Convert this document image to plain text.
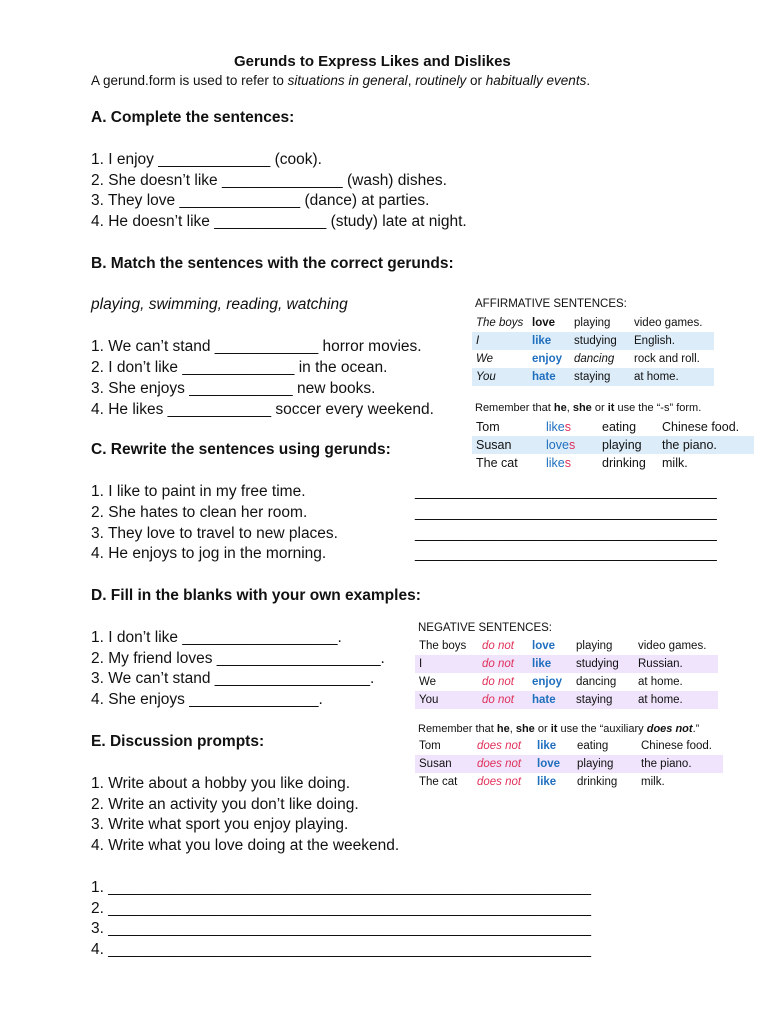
Gerunds to Express Likes and Dislikes
A gerund.form is used to refer to situations in general, routinely or habitually events.
A. Complete the sentences:
1. I enjoy _____________ (cook).
2. She doesn’t like ______________ (wash) dishes.
3. They love ______________ (dance) at parties.
4. He doesn’t like _____________ (study) late at night.
B. Match the sentences with the correct gerunds:
playing, swimming, reading, watching
1. We can’t stand ____________ horror movies.
2. I don’t like _____________ in the ocean.
3. She enjoys ____________ new books.
4. He likes ____________ soccer every weekend.
C. Rewrite the sentences using gerunds:
1. I like to paint in my free time.
2. She hates to clean her room.
3. They love to travel to new places.
4. He enjoys to jog in the morning.
___________________________________
___________________________________
___________________________________
___________________________________
D. Fill in the blanks with your own examples:
1. I don’t like __________________.
2. My friend loves ___________________.
3. We can’t stand __________________.
4. She enjoys _______________.
E. Discussion prompts:
1. Write about a hobby you like doing.
2. Write an activity you don’t like doing.
3. Write what sport you enjoy playing.
4. Write what you love doing at the weekend.
1. ________________________________________________________
2. ________________________________________________________
3. ________________________________________________________
4. ________________________________________________________
AFFIRMATIVE SENTENCES:
The boys	love	playing	video games.
I	like	studying	English.
We	enjoy	dancing	rock and roll.
You	hate	staying	at home.
Remember that he, she or it use the “-s” form.
Tom	likes	eating	Chinese food.
Susan	loves	playing	the piano.
The cat	likes	drinking	milk.
NEGATIVE SENTENCES:
The boys	do not	love	playing	video games.
I	do not	like	studying	Russian.
We	do not	enjoy	dancing	at home.
You	do not	hate	staying	at home.
Remember that he, she or it use the “auxiliary does not.”
Tom	does not	like	eating	Chinese food.
Susan	does not	love	playing	the piano.
The cat	does not	like	drinking	milk.
